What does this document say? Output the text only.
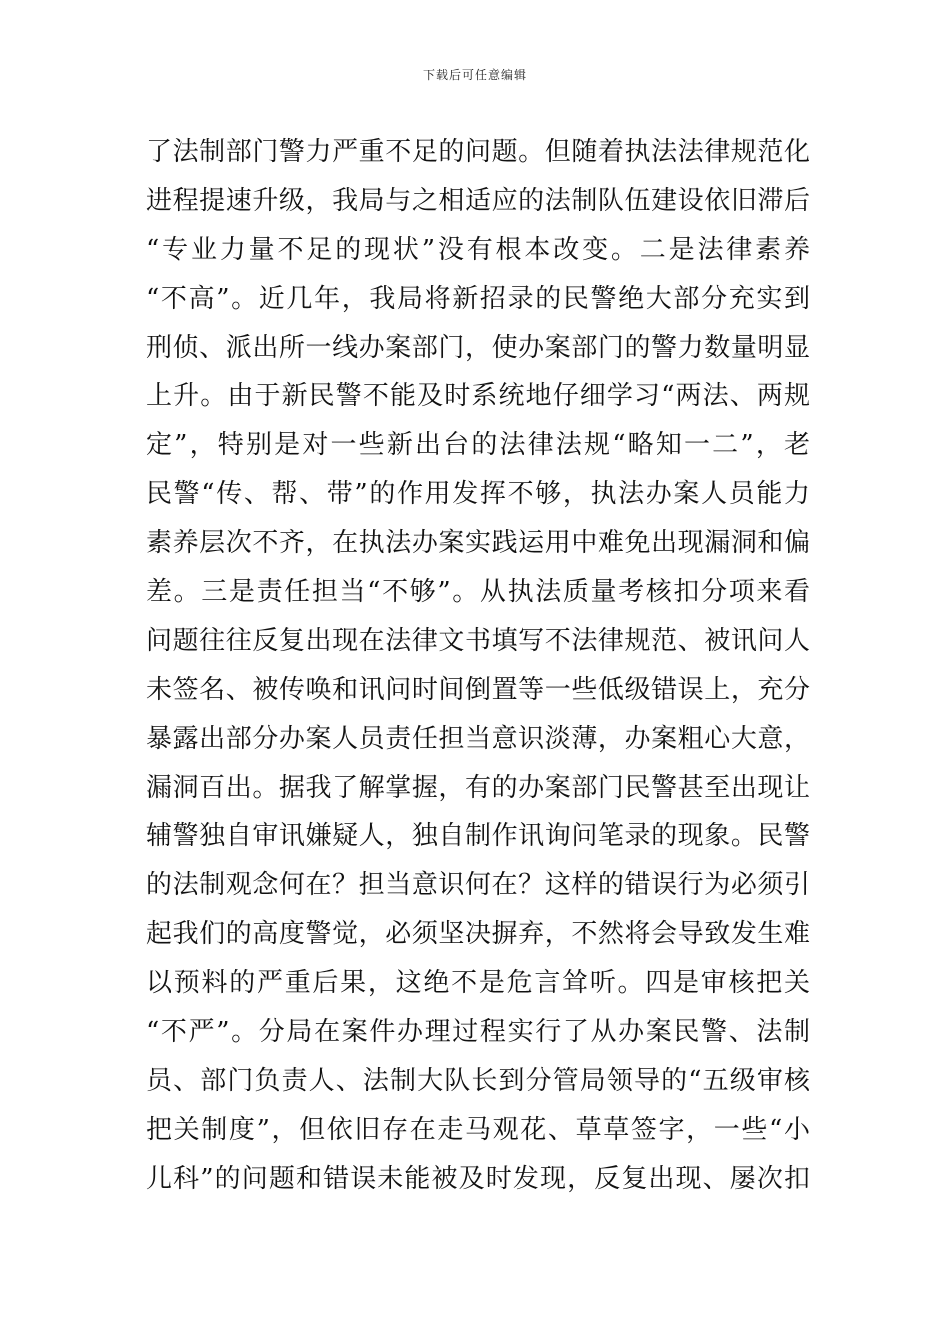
下载后可任意编辑
了法制部门警力严重不足的问题。但随着执法法律规范化
进程提速升级，我局与之相适应的法制队伍建设依旧滞后
“专业力量不足的现状”没有根本改变。二是法律素养
“不高”。近几年，我局将新招录的民警绝大部分充实到
刑侦、派出所一线办案部门，使办案部门的警力数量明显
上升。由于新民警不能及时系统地仔细学习“两法、两规
定”，特别是对一些新出台的法律法规“略知一二”，老
民警“传、帮、带”的作用发挥不够，执法办案人员能力
素养层次不齐，在执法办案实践运用中难免出现漏洞和偏
差。三是责任担当“不够”。从执法质量考核扣分项来看
问题往往反复出现在法律文书填写不法律规范、被讯问人
未签名、被传唤和讯问时间倒置等一些低级错误上，充分
暴露出部分办案人员责任担当意识淡薄，办案粗心大意，
漏洞百出。据我了解掌握，有的办案部门民警甚至出现让
辅警独自审讯嫌疑人，独自制作讯询问笔录的现象。民警
的法制观念何在？担当意识何在？这样的错误行为必须引
起我们的高度警觉，必须坚决摒弃，不然将会导致发生难
以预料的严重后果，这绝不是危言耸听。四是审核把关
“不严”。分局在案件办理过程实行了从办案民警、法制
员、部门负责人、法制大队长到分管局领导的“五级审核
把关制度”，但依旧存在走马观花、草草签字，一些“小
儿科”的问题和错误未能被及时发现，反复出现、屡次扣
